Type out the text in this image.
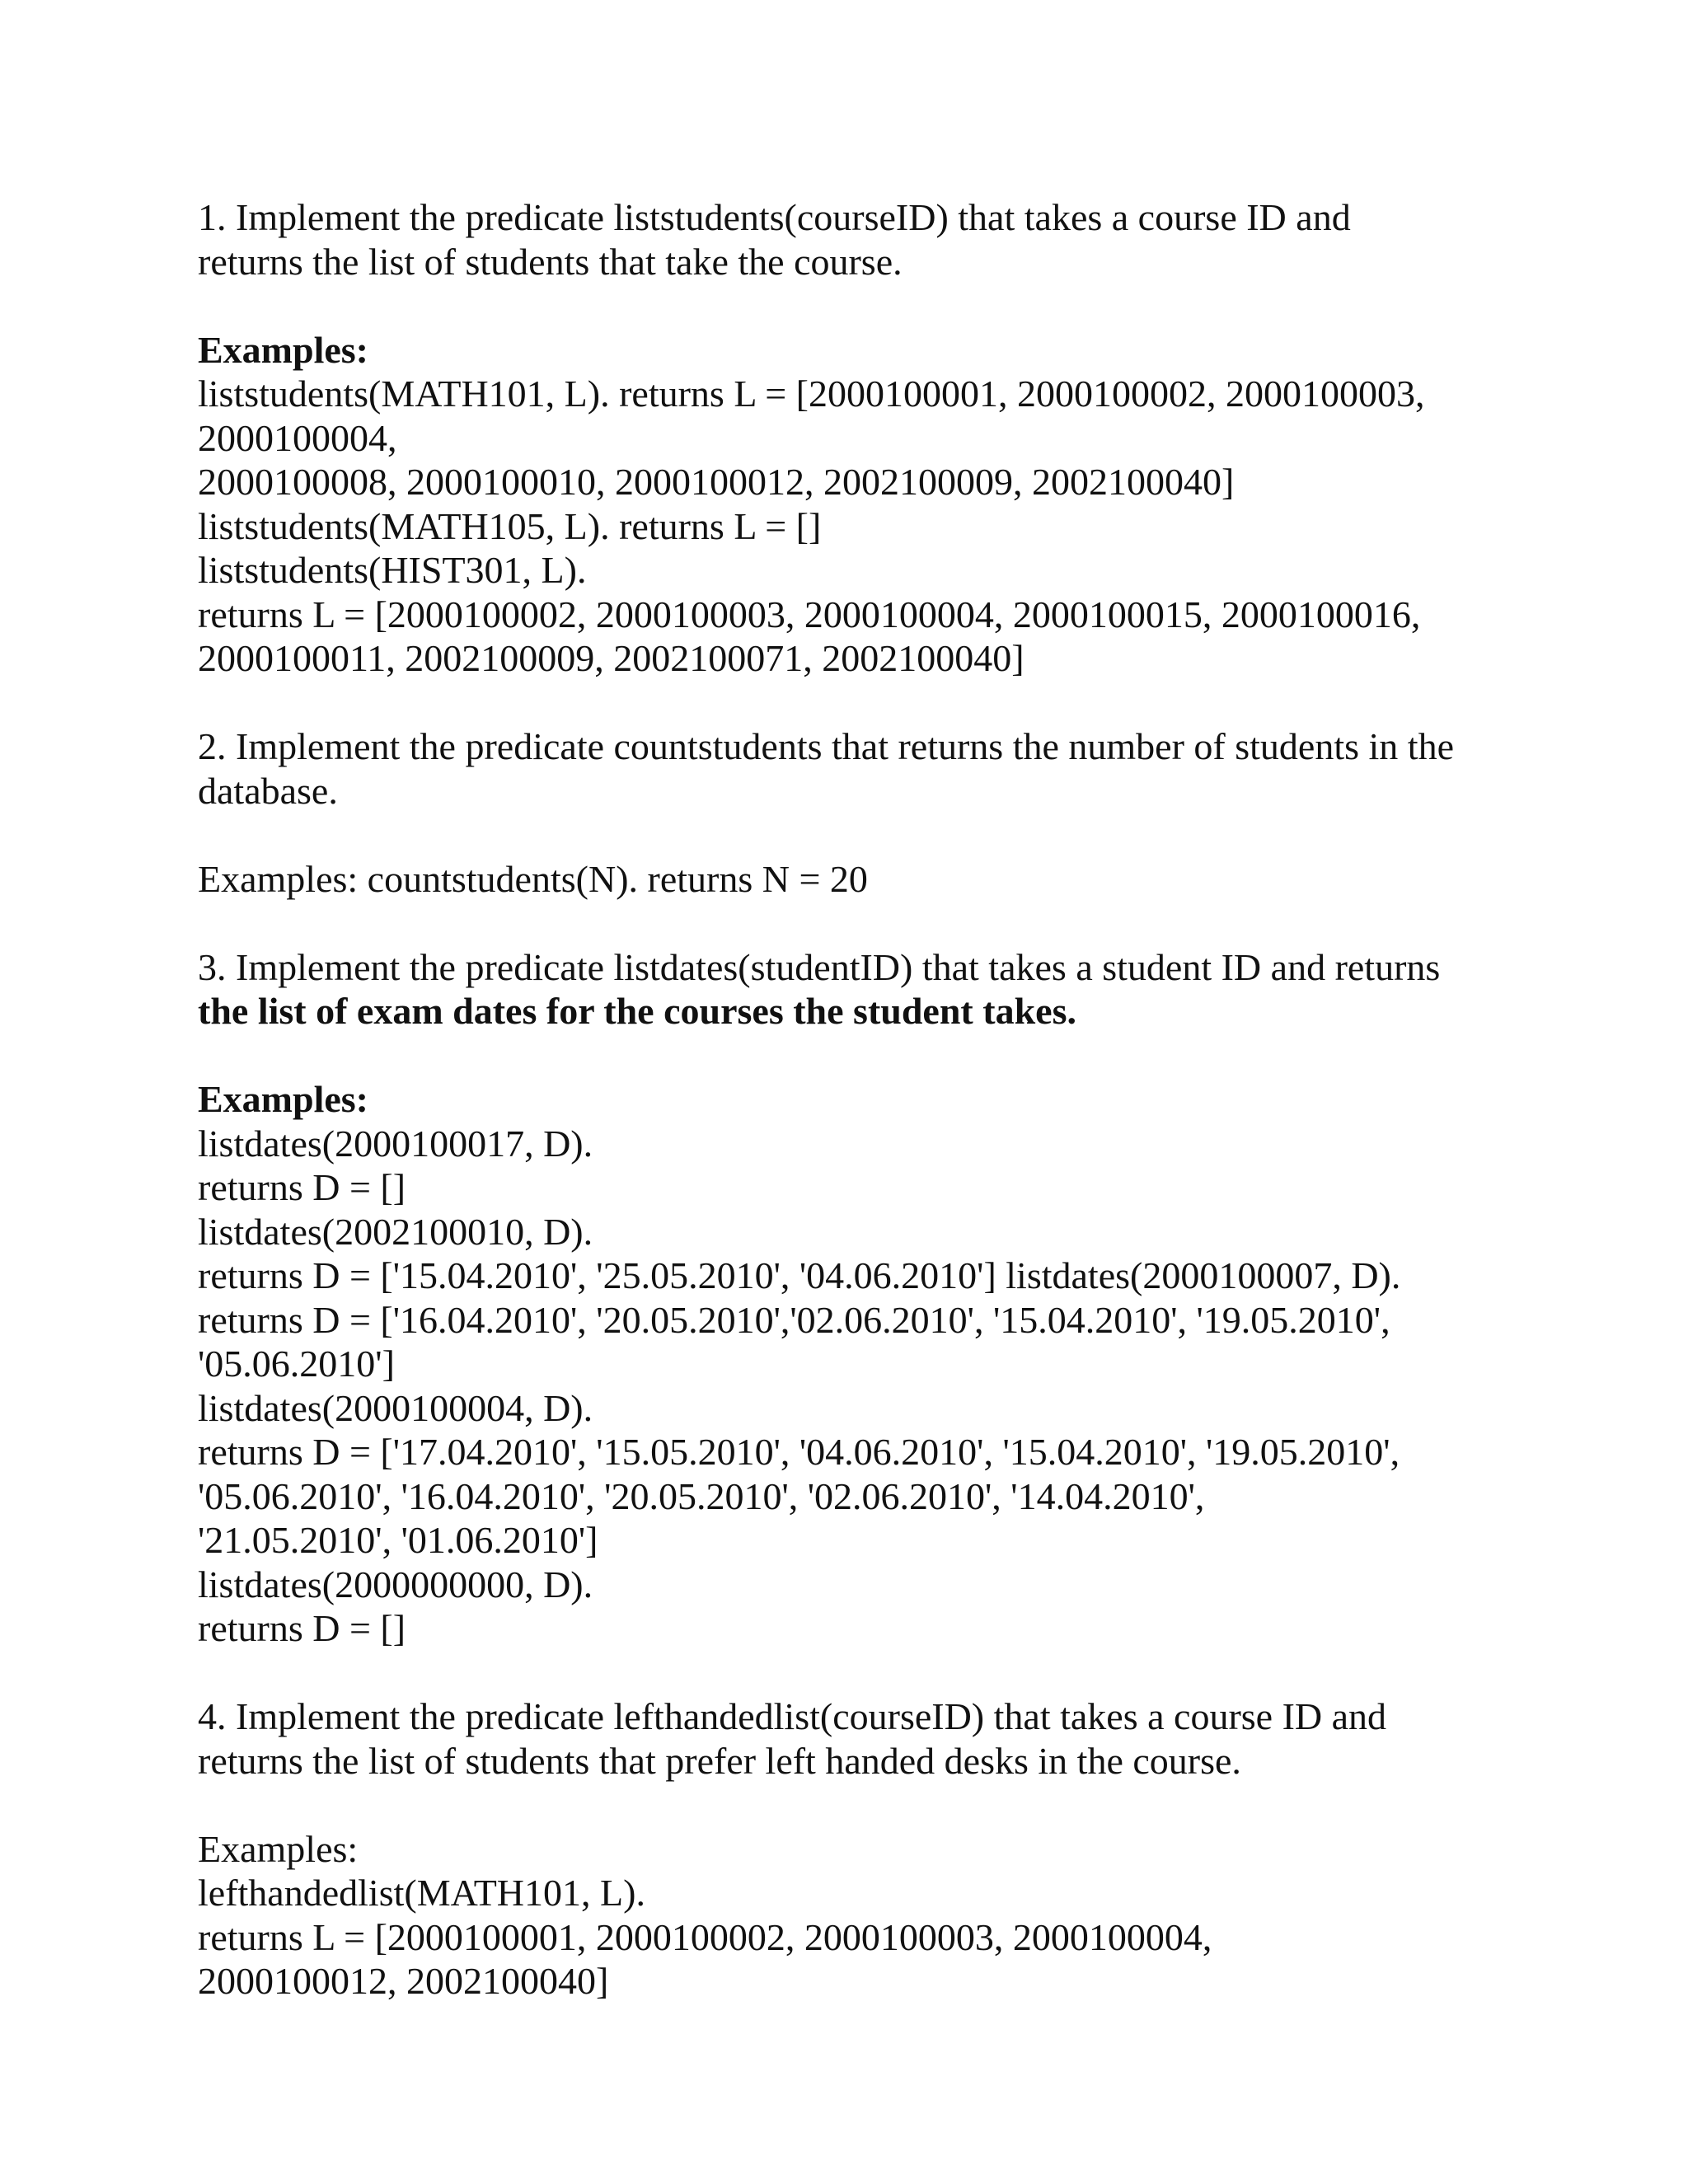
1. Implement the predicate liststudents(courseID) that takes a course ID and
returns the list of students that take the course.
Examples:
liststudents(MATH101, L). returns L = [2000100001, 2000100002, 2000100003,
2000100004,
2000100008, 2000100010, 2000100012, 2002100009, 2002100040]
liststudents(MATH105, L). returns L = []
liststudents(HIST301, L).
returns L = [2000100002, 2000100003, 2000100004, 2000100015, 2000100016,
2000100011, 2002100009, 2002100071, 2002100040]
2. Implement the predicate countstudents that returns the number of students in the
database.
Examples: countstudents(N). returns N = 20
3. Implement the predicate listdates(studentID) that takes a student ID and returns
the list of exam dates for the courses the student takes.
Examples:
listdates(2000100017, D).
returns D = []
listdates(2002100010, D).
returns D = ['15.04.2010', '25.05.2010', '04.06.2010'] listdates(2000100007, D).
returns D = ['16.04.2010', '20.05.2010','02.06.2010', '15.04.2010', '19.05.2010',
'05.06.2010']
listdates(2000100004, D).
returns D = ['17.04.2010', '15.05.2010', '04.06.2010', '15.04.2010', '19.05.2010',
'05.06.2010', '16.04.2010', '20.05.2010', '02.06.2010', '14.04.2010',
'21.05.2010', '01.06.2010']
listdates(2000000000, D).
returns D = []
4. Implement the predicate lefthandedlist(courseID) that takes a course ID and
returns the list of students that prefer left handed desks in the course.
Examples:
lefthandedlist(MATH101, L).
returns L = [2000100001, 2000100002, 2000100003, 2000100004,
2000100012, 2002100040]
